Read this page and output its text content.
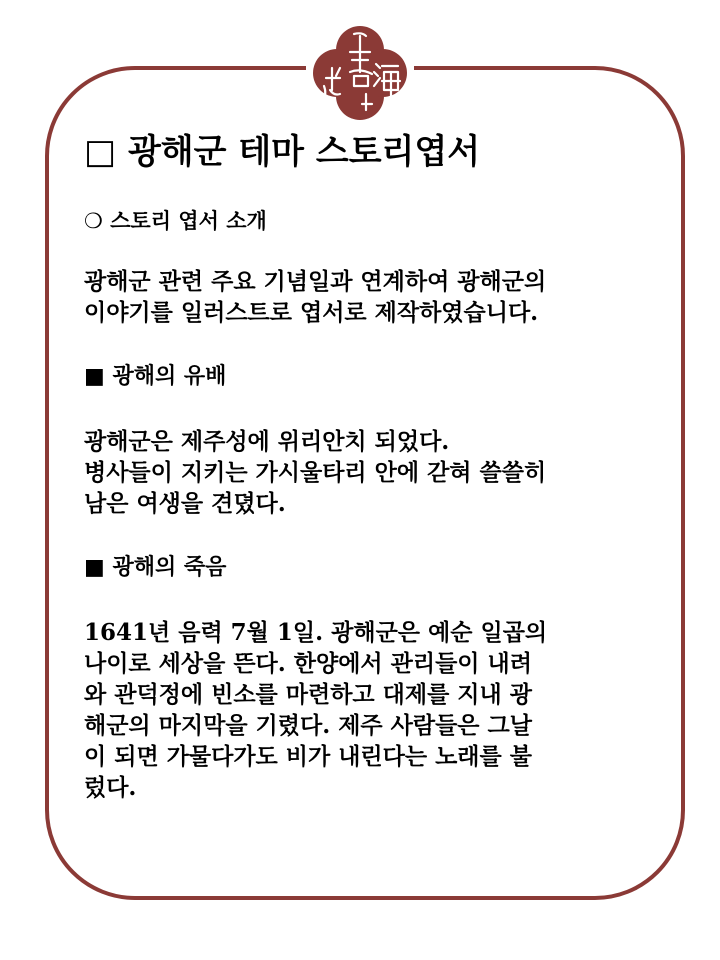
□ 광해군 테마 스토리엽서
❍ 스토리 엽서 소개
광해군 관련 주요 기념일과 연계하여 광해군의
이야기를 일러스트로 엽서로 제작하였습니다.
■ 광해의 유배
광해군은 제주성에 위리안치 되었다.
병사들이 지키는 가시울타리 안에 갇혀 쓸쓸히
남은 여생을 견뎠다.
■ 광해의 죽음
1641년 음력 7월 1일. 광해군은 예순 일곱의
나이로 세상을 뜬다. 한양에서 관리들이 내려
와 관덕정에 빈소를 마련하고 대제를 지내 광
해군의 마지막을 기렸다. 제주 사람들은 그날
이 되면 가물다가도 비가 내린다는 노래를 불
렀다.
